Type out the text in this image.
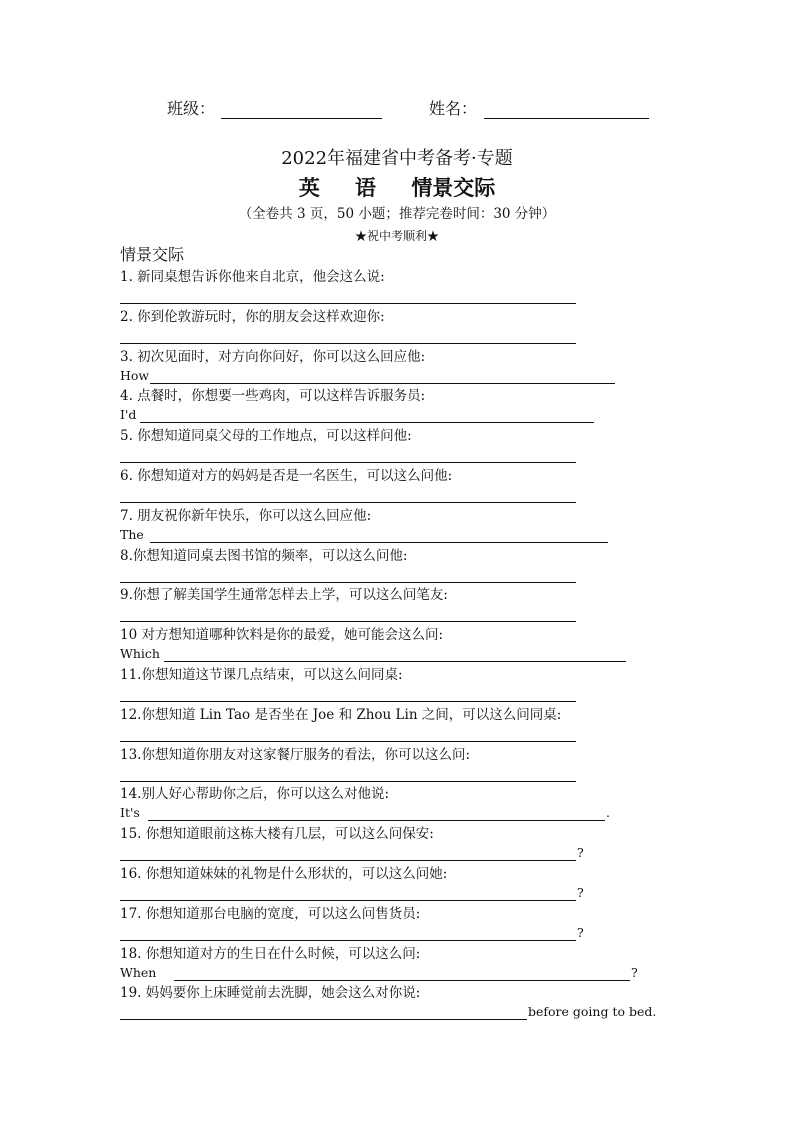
班级：	姓名：
2022年福建省中考备考·专题
英 语 情景交际
（全卷共 3 页，50 小题；推荐完卷时间：30 分钟）
★祝中考顺利★
情景交际
1. 新同桌想告诉你他来自北京，他会这么说:
2. 你到伦敦游玩时，你的朋友会这样欢迎你:
3. 初次见面时，对方向你问好，你可以这么回应他:
How
4. 点餐时，你想要一些鸡肉，可以这样告诉服务员:
I'd
5. 你想知道同桌父母的工作地点，可以这样问他:
6. 你想知道对方的妈妈是否是一名医生，可以这么问他:
7. 朋友祝你新年快乐，你可以这么回应他:
The
8.你想知道同桌去图书馆的频率，可以这么问他:
9.你想了解美国学生通常怎样去上学，可以这么问笔友:
10 对方想知道哪种饮料是你的最爱，她可能会这么问:
Which
11.你想知道这节课几点结束，可以这么问同桌:
12.你想知道 Lin Tao 是否坐在 Joe 和 Zhou Lin 之间，可以这么问同桌:
13.你想知道你朋友对这家餐厅服务的看法，你可以这么问:
14.别人好心帮助你之后，你可以这么对他说:
It's	.
15. 你想知道眼前这栋大楼有几层，可以这么问保安:
?
16. 你想知道妹妹的礼物是什么形状的，可以这么问她:
?
17. 你想知道那台电脑的宽度，可以这么问售货员:
?
18. 你想知道对方的生日在什么时候，可以这么问:
When	?
19. 妈妈要你上床睡觉前去洗脚，她会这么对你说:
before going to bed.
